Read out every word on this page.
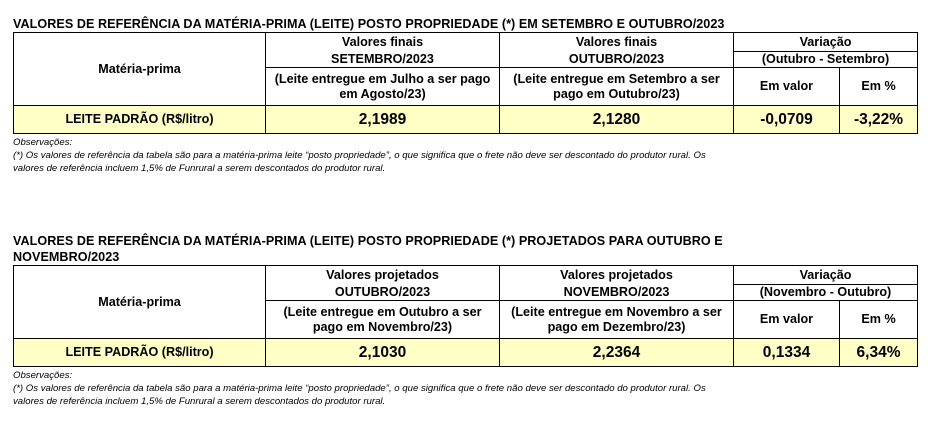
VALORES DE REFERÊNCIA DA MATÉRIA-PRIMA (LEITE) POSTO PROPRIEDADE (*) EM SETEMBRO E OUTUBRO/2023
Matéria-prima	Valores finais	Valores finais	Variação	
	SETEMBRO/2023	OUTUBRO/2023	(Outubro - Setembro)	
	(Leite entregue em Julho a ser pago em Agosto/23)	(Leite entregue em Setembro a ser pago em Outubro/23)	Em valor	Em %
LEITE PADRÃO (R$/litro)	2,1989	2,1280	-0,0709	-3,22%
Observações:
(*) Os valores de referência da tabela são para a matéria-prima leite “posto propriedade”, o que significa que o frete não deve ser descontado do produtor rural. Os
valores de referência incluem 1,5% de Funrural a serem descontados do produtor rural.
VALORES DE REFERÊNCIA DA MATÉRIA-PRIMA (LEITE) POSTO PROPRIEDADE (*) PROJETADOS PARA OUTUBRO E
NOVEMBRO/2023
Matéria-prima	Valores projetados	Valores projetados	Variação	
	OUTUBRO/2023	NOVEMBRO/2023	(Novembro - Outubro)	
	(Leite entregue em Outubro a ser pago em Novembro/23)	(Leite entregue em Novembro a ser pago em Dezembro/23)	Em valor	Em %
LEITE PADRÃO (R$/litro)	2,1030	2,2364	0,1334	6,34%
Observações:
(*) Os valores de referência da tabela são para a matéria-prima leite “posto propriedade”, o que significa que o frete não deve ser descontado do produtor rural. Os
valores de referência incluem 1,5% de Funrural a serem descontados do produtor rural.
